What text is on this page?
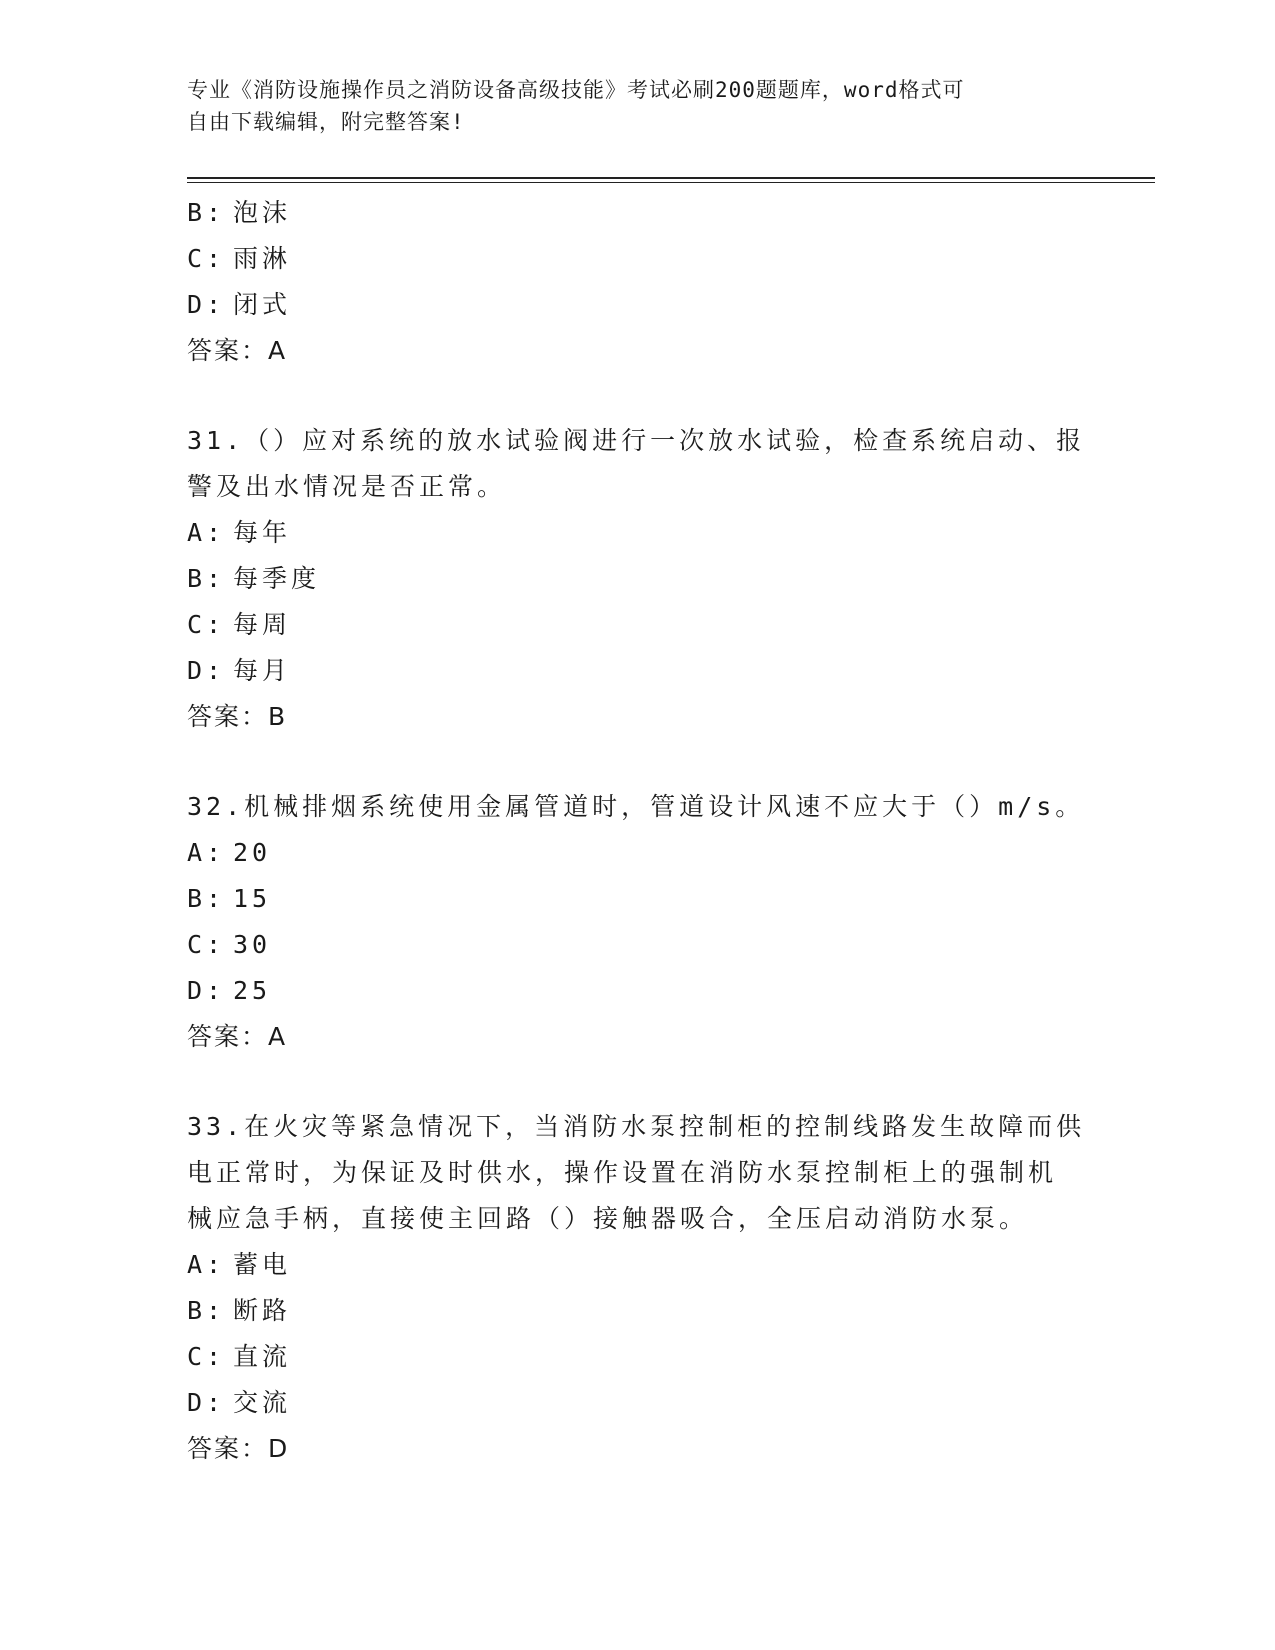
专业《消防设施操作员之消防设备高级技能》考试必刷200题题库，word格式可
自由下载编辑，附完整答案!
B: 泡沫
C: 雨淋
D: 闭式
答案：A
31.（）应对系统的放水试验阀进行一次放水试验，检查系统启动、报
警及出水情况是否正常。
A: 每年
B: 每季度
C: 每周
D: 每月
答案：B
32.机械排烟系统使用金属管道时，管道设计风速不应大于（）m/s。
A: 20
B: 15
C: 30
D: 25
答案：A
33.在火灾等紧急情况下，当消防水泵控制柜的控制线路发生故障而供
电正常时，为保证及时供水，操作设置在消防水泵控制柜上的强制机
械应急手柄，直接使主回路（）接触器吸合，全压启动消防水泵。
A: 蓄电
B: 断路
C: 直流
D: 交流
答案：D
